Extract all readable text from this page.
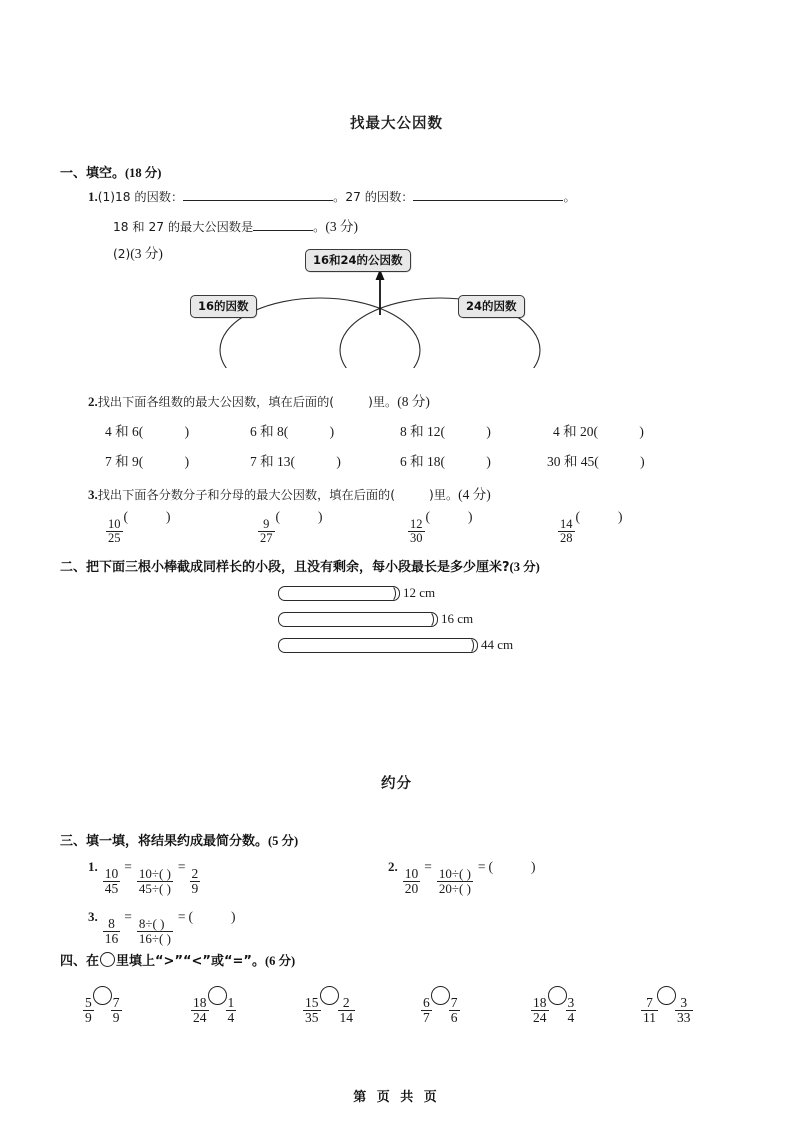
找最大公因数
一、填空。(18 分)
1.(1)18 的因数：	。27 的因数：	。
18 和 27 的最大公因数是	。(3 分)
(2)(3 分)	16和24的公因数
16的因数	24的因数
2.找出下面各组数的最大公因数，填在后面的(	)里。(8 分)
4 和 6(	)	6 和 8(	)	8 和 12(	)	4 和 20(	)
7 和 9(	)	7 和 13(	)	6 和 18(	)	30 和 45(	)
3.找出下面各分数分子和分母的最大公因数，填在后面的(	)里。(4 分)
$\frac{10}{25}$
(	)
$\frac{9}{27}$
(	)
$\frac{12}{30}$
(	)
$\frac{14}{28}$
(	)
二、把下面三根小棒截成同样长的小段，且没有剩余，每小段最长是多少厘米?(3 分)
12 cm
16 cm
44 cm
约分
三、填一填，将结果约成最简分数。(5 分)
1.
$\frac{10}{45}$
=
$\frac{10\div( )}{45\div( )}$
=
$\frac{2}{9}$
2.
$\frac{10}{20}$
=
$\frac{10\div( )}{20\div( )}$
= (	)
3.
$\frac{8}{16}$
=
$\frac{8\div( )}{16\div( )}$
= (	)
四、在 里填上“>”“<”或“=”。(6 分)
$\frac{5}{9} \frac{7}{9}$	$\frac{18}{24} \frac{1}{4}$	$\frac{15}{35} \frac{2}{14}$	$\frac{6}{7} \frac{7}{6}$	$\frac{18}{24} \frac{3}{4}$	$\frac{7}{11} \frac{3}{33}$
第 页 共 页
